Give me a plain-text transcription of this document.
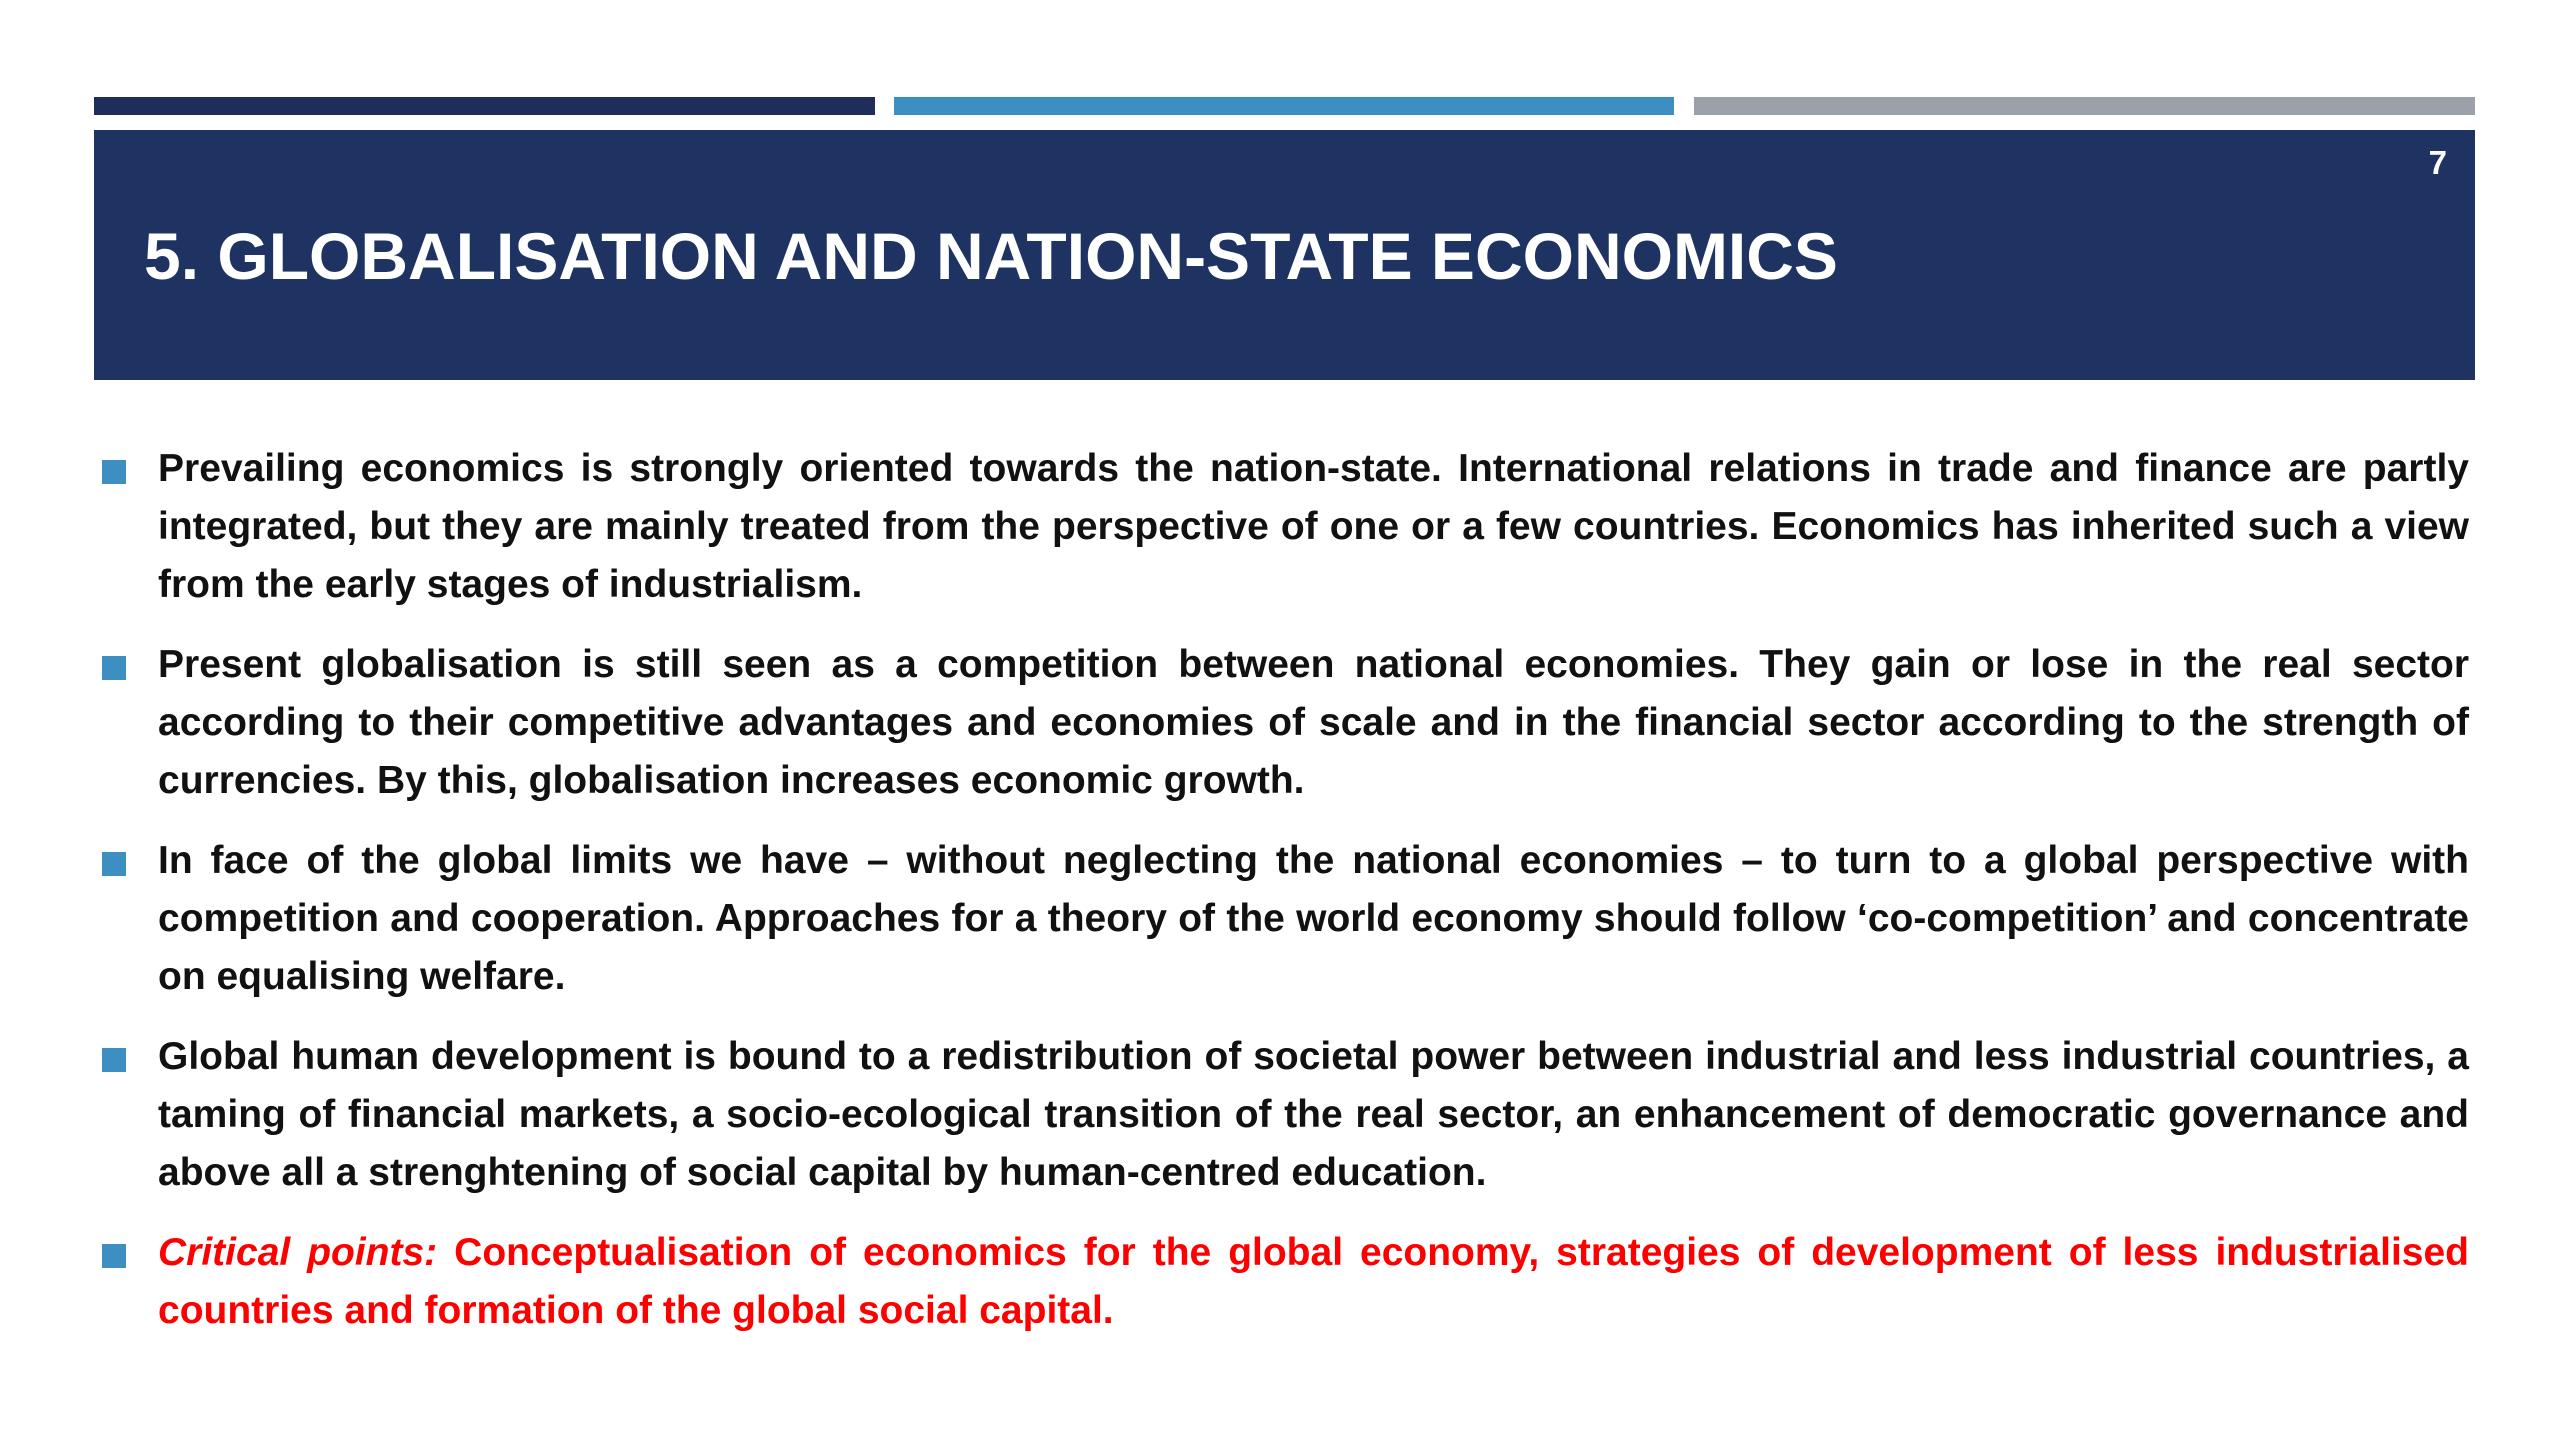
5. GLOBALISATION AND NATION-STATE ECONOMICS
7
Prevailing economics is strongly oriented towards the nation-state. International relations in trade and finance are partly integrated, but they are mainly treated from the perspective of one or a few countries. Economics has inherited such a view from the early stages of industrialism.
Present globalisation is still seen as a competition between national economies. They gain or lose in the real sector according to their competitive advantages and economies of scale and in the financial sector according to the strength of currencies. By this, globalisation increases economic growth.
In face of the global limits we have – without neglecting the national economies – to turn to a global perspective with competition and cooperation. Approaches for a theory of the world economy should follow ‘co-competition’ and concentrate on equalising welfare.
Global human development is bound to a redistribution of societal power between industrial and less industrial countries, a taming of financial markets, a socio-ecological transition of the real sector, an enhancement of democratic governance and above all a strenghtening of social capital by human-centred education.
Critical points: Conceptualisation of economics for the global economy, strategies of development of less industrialised countries and formation of the global social capital.
